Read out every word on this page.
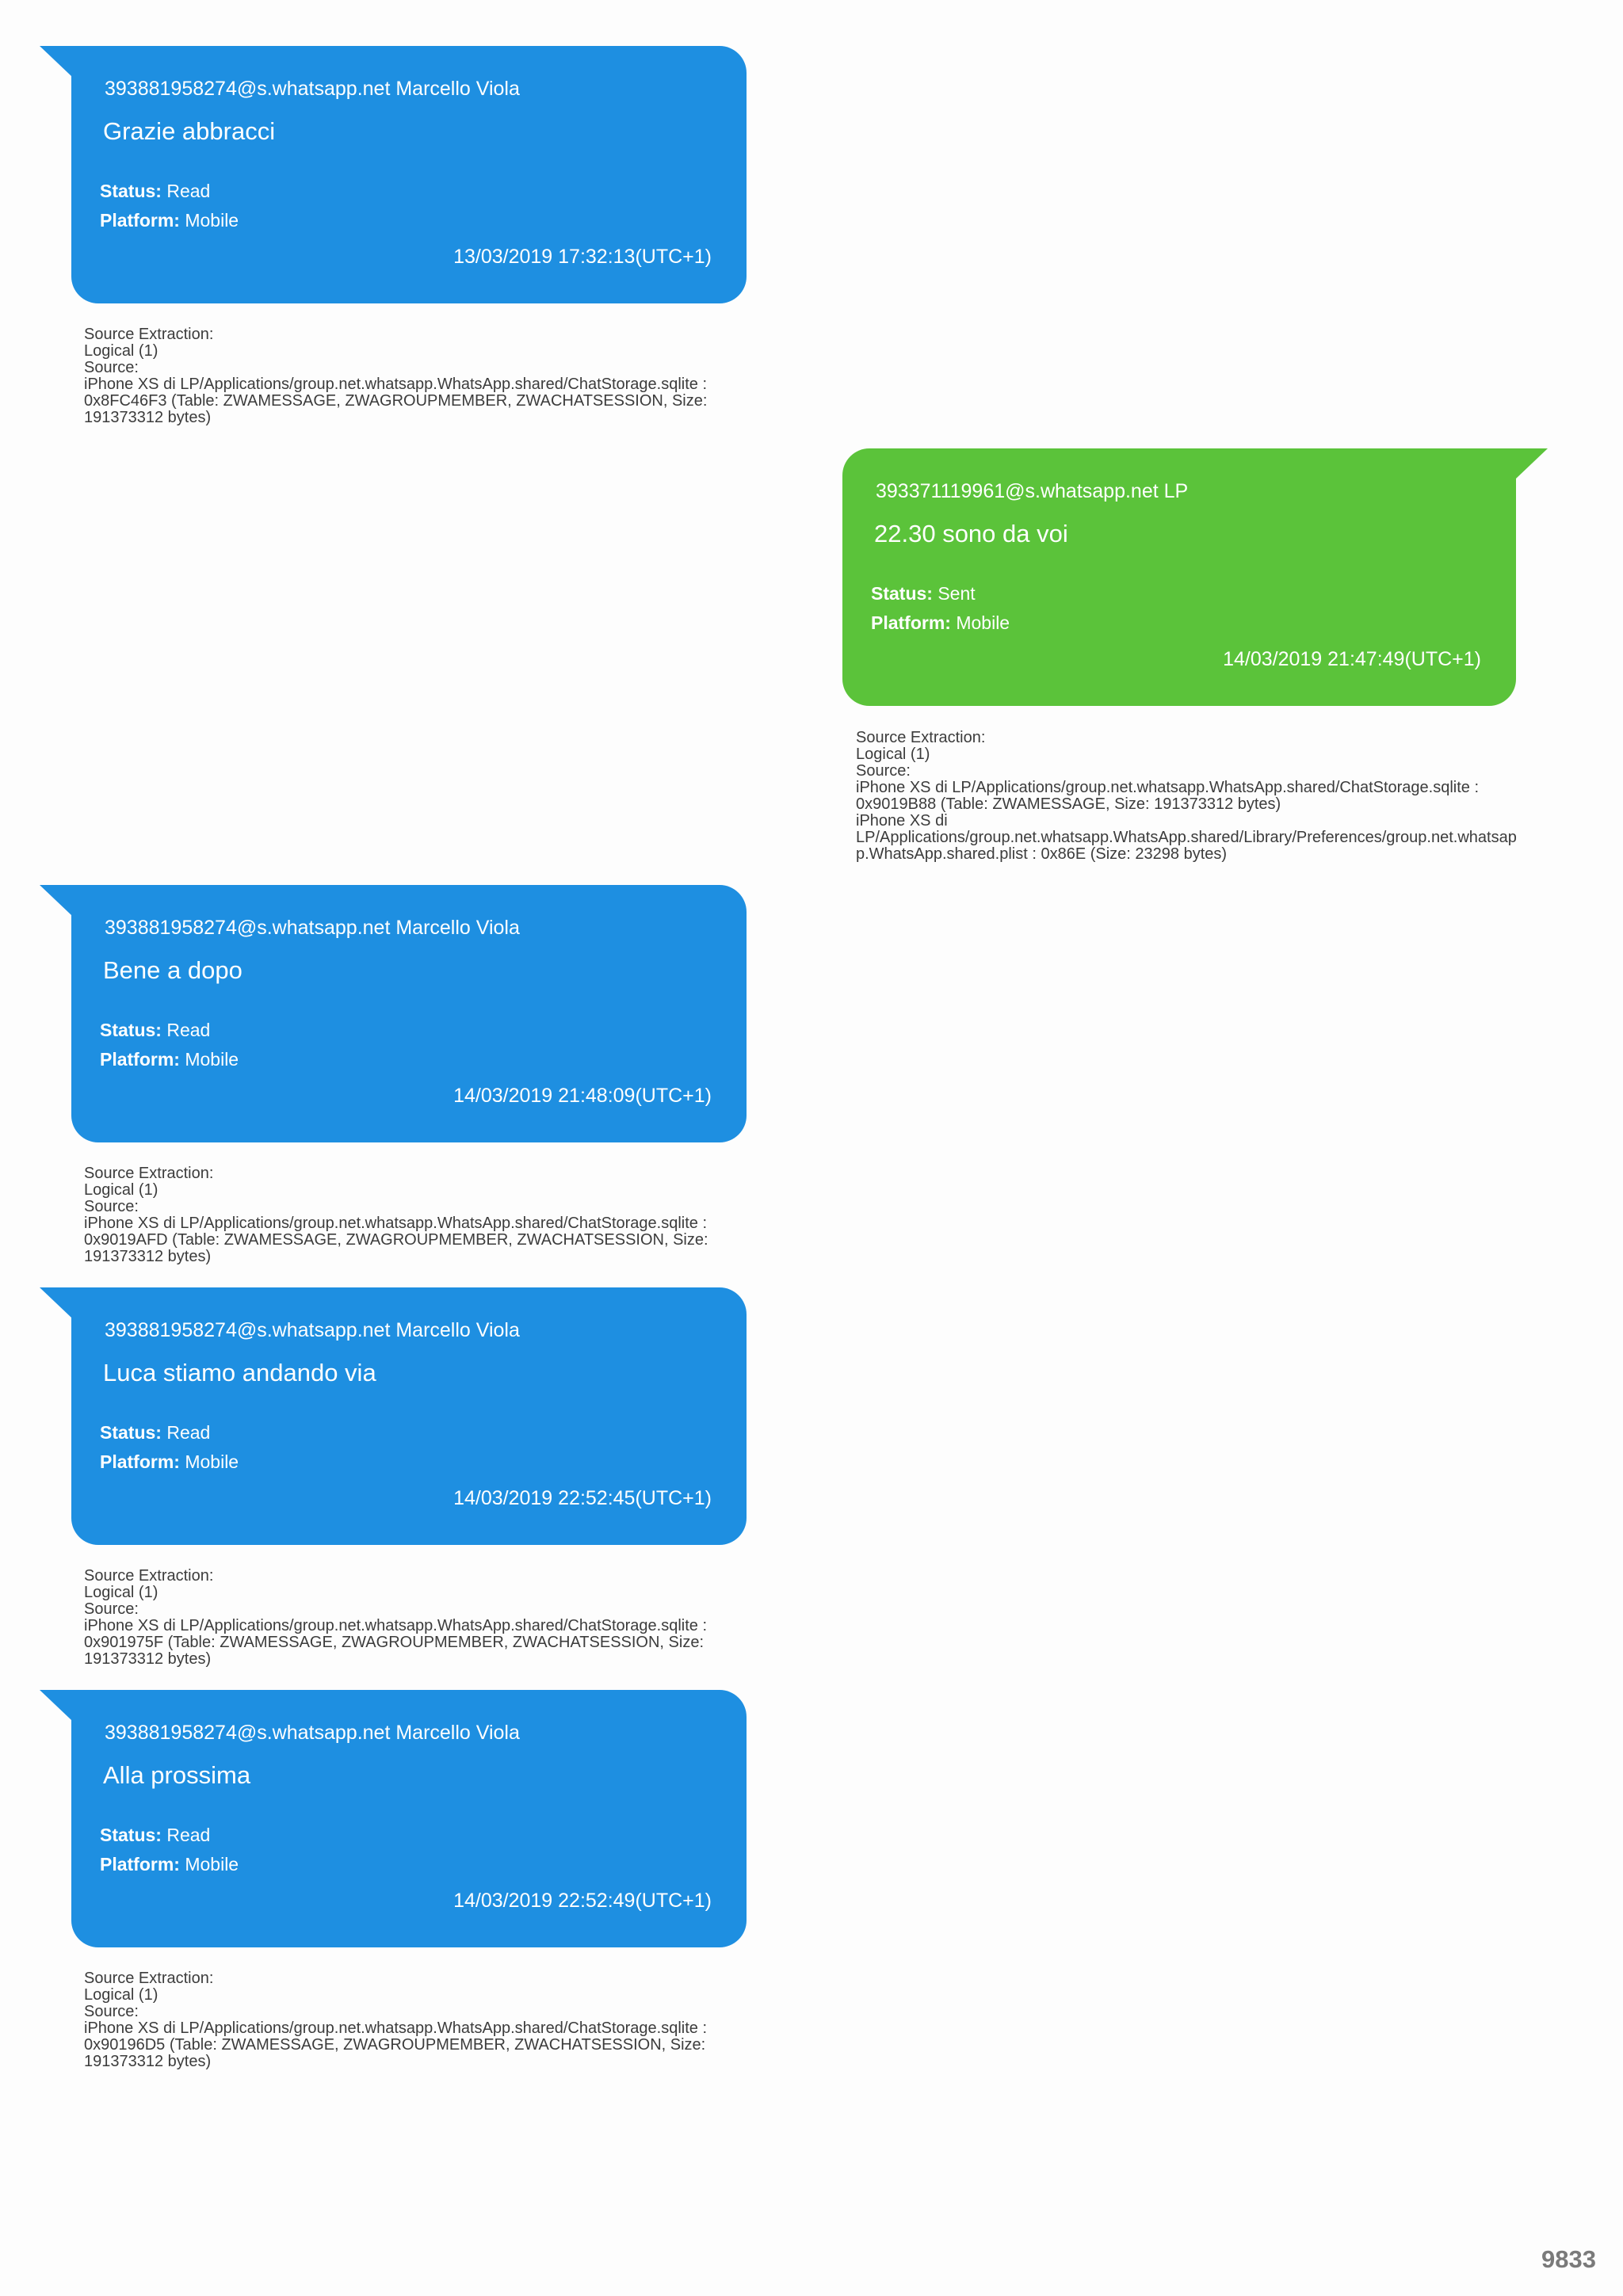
393881958274@s.whatsapp.net Marcello Viola
Grazie abbracci
Status: Read
Platform: Mobile
13/03/2019 17:32:13(UTC+1)
Source Extraction:
Logical (1)
Source:
iPhone XS di LP/Applications/group.net.whatsapp.WhatsApp.shared/ChatStorage.sqlite :
0x8FC46F3 (Table: ZWAMESSAGE, ZWAGROUPMEMBER, ZWACHATSESSION, Size:
191373312 bytes)
393371119961@s.whatsapp.net LP
22.30 sono da voi
Status: Sent
Platform: Mobile
14/03/2019 21:47:49(UTC+1)
Source Extraction:
Logical (1)
Source:
iPhone XS di LP/Applications/group.net.whatsapp.WhatsApp.shared/ChatStorage.sqlite :
0x9019B88 (Table: ZWAMESSAGE, Size: 191373312 bytes)
iPhone XS di
LP/Applications/group.net.whatsapp.WhatsApp.shared/Library/Preferences/group.net.whatsap
p.WhatsApp.shared.plist : 0x86E (Size: 23298 bytes)
393881958274@s.whatsapp.net Marcello Viola
Bene a dopo
Status: Read
Platform: Mobile
14/03/2019 21:48:09(UTC+1)
Source Extraction:
Logical (1)
Source:
iPhone XS di LP/Applications/group.net.whatsapp.WhatsApp.shared/ChatStorage.sqlite :
0x9019AFD (Table: ZWAMESSAGE, ZWAGROUPMEMBER, ZWACHATSESSION, Size:
191373312 bytes)
393881958274@s.whatsapp.net Marcello Viola
Luca stiamo andando via
Status: Read
Platform: Mobile
14/03/2019 22:52:45(UTC+1)
Source Extraction:
Logical (1)
Source:
iPhone XS di LP/Applications/group.net.whatsapp.WhatsApp.shared/ChatStorage.sqlite :
0x901975F (Table: ZWAMESSAGE, ZWAGROUPMEMBER, ZWACHATSESSION, Size:
191373312 bytes)
393881958274@s.whatsapp.net Marcello Viola
Alla prossima
Status: Read
Platform: Mobile
14/03/2019 22:52:49(UTC+1)
Source Extraction:
Logical (1)
Source:
iPhone XS di LP/Applications/group.net.whatsapp.WhatsApp.shared/ChatStorage.sqlite :
0x90196D5 (Table: ZWAMESSAGE, ZWAGROUPMEMBER, ZWACHATSESSION, Size:
191373312 bytes)
9833
